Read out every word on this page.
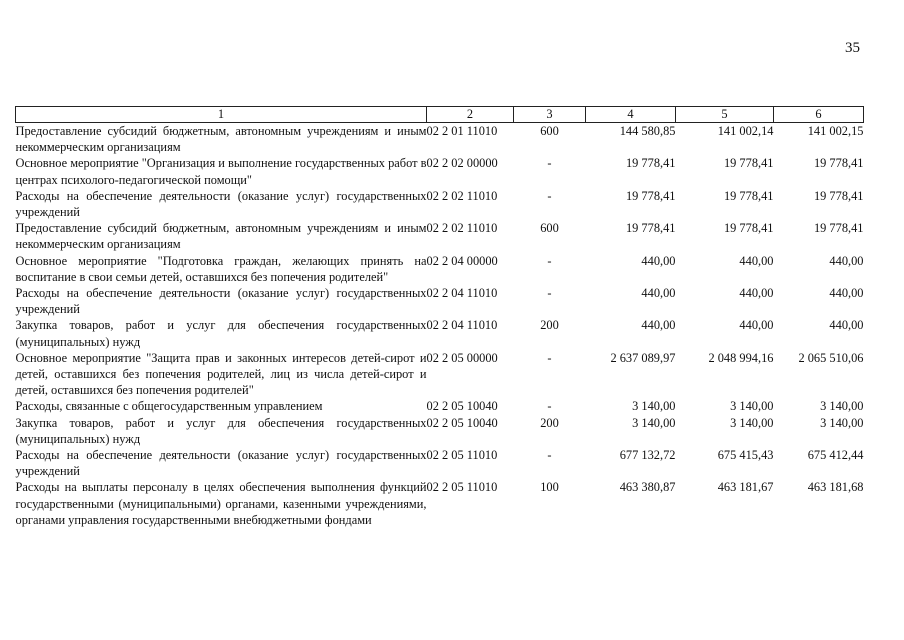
35
1	2	3	4	5	6
Предоставление субсидий бюджетным, автономным учреждениям и иным некоммерческим организациям	02 2 01 11010	600	144 580,85	141 002,14	141 002,15
Основное мероприятие "Организация и выполнение государственных работ в центрах психолого-педагогической помощи"	02 2 02 00000	-	19 778,41	19 778,41	19 778,41
Расходы на обеспечение деятельности (оказание услуг) государственных учреждений	02 2 02 11010	-	19 778,41	19 778,41	19 778,41
Предоставление субсидий бюджетным, автономным учреждениям и иным некоммерческим организациям	02 2 02 11010	600	19 778,41	19 778,41	19 778,41
Основное мероприятие "Подготовка граждан, желающих принять на воспитание в свои семьи детей, оставшихся без попечения родителей"	02 2 04 00000	-	440,00	440,00	440,00
Расходы на обеспечение деятельности (оказание услуг) государственных учреждений	02 2 04 11010	-	440,00	440,00	440,00
Закупка товаров, работ и услуг для обеспечения государственных (муниципальных) нужд	02 2 04 11010	200	440,00	440,00	440,00
Основное мероприятие "Защита прав и законных интересов детей-сирот и детей, оставшихся без попечения родителей, лиц из числа детей-сирот и детей, оставшихся без попечения родителей"	02 2 05 00000	-	2 637 089,97	2 048 994,16	2 065 510,06
Расходы, связанные с общегосударственным управлением	02 2 05 10040	-	3 140,00	3 140,00	3 140,00
Закупка товаров, работ и услуг для обеспечения государственных (муниципальных) нужд	02 2 05 10040	200	3 140,00	3 140,00	3 140,00
Расходы на обеспечение деятельности (оказание услуг) государственных учреждений	02 2 05 11010	-	677 132,72	675 415,43	675 412,44
Расходы на выплаты персоналу в целях обеспечения выполнения функций государственными (муниципальными) органами, казенными учреждениями, органами управления государственными внебюджетными фондами	02 2 05 11010	100	463 380,87	463 181,67	463 181,68
